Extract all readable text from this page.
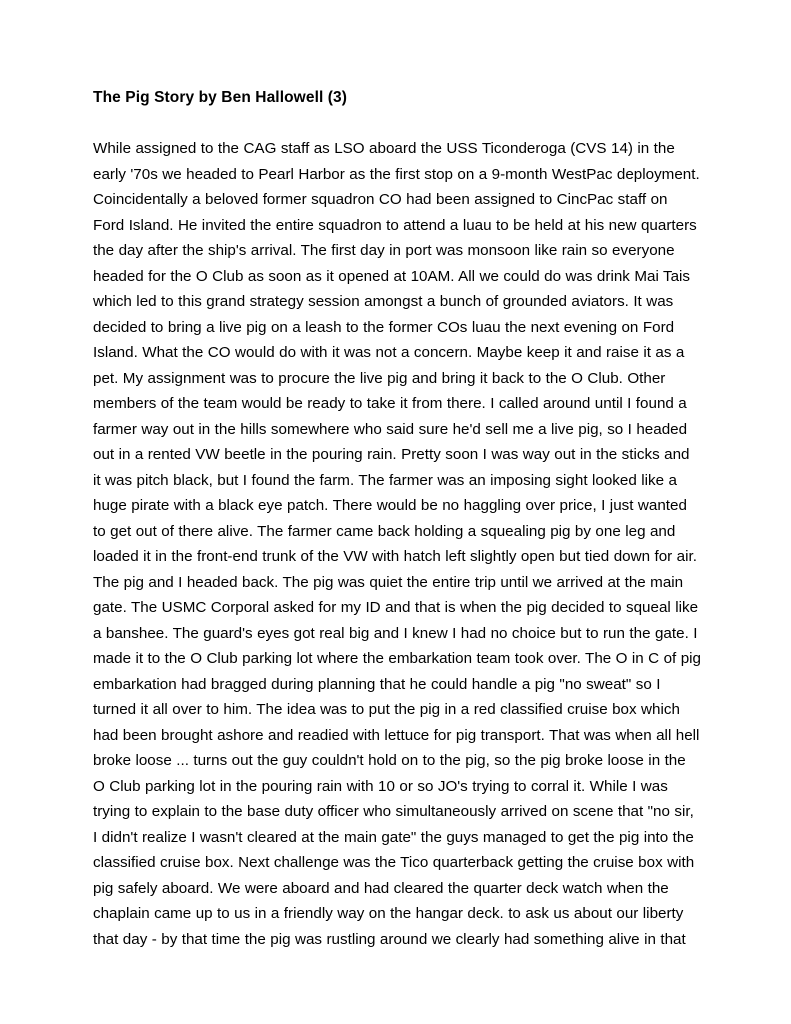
The Pig Story by Ben Hallowell (3)

While assigned to the CAG staff as LSO aboard the USS Ticonderoga (CVS 14) in the early '70s we headed to Pearl Harbor as the first stop on a 9-month WestPac deployment. Coincidentally a beloved former squadron CO had been assigned to CincPac staff on Ford Island. He invited the entire squadron to attend a luau to be held at his new quarters the day after the ship's arrival. The first day in port was monsoon like rain so everyone headed for the O Club as soon as it opened at 10AM. All we could do was drink Mai Tais which led to this grand strategy session amongst a bunch of grounded aviators. It was decided to bring a live pig on a leash to the former COs luau the next evening on Ford Island. What the CO would do with it was not a concern. Maybe keep it and raise it as a pet. My assignment was to procure the live pig and bring it back to the O Club. Other members of the team would be ready to take it from there. I called around until I found a farmer way out in the hills somewhere who said sure he'd sell me a live pig, so I headed out in a rented VW beetle in the pouring rain. Pretty soon I was way out in the sticks and it was pitch black, but I found the farm. The farmer was an imposing sight looked like a huge pirate with a black eye patch. There would be no haggling over price, I just wanted to get out of there alive. The farmer came back holding a squealing pig by one leg and loaded it in the front-end trunk of the VW with hatch left slightly open but tied down for air. The pig and I headed back. The pig was quiet the entire trip until we arrived at the main gate. The USMC Corporal asked for my ID and that is when the pig decided to squeal like a banshee. The guard's eyes got real big and I knew I had no choice but to run the gate. I made it to the O Club parking lot where the embarkation team took over. The O in C of pig embarkation had bragged during planning that he could handle a pig "no sweat" so I turned it all over to him. The idea was to put the pig in a red classified cruise box which had been brought ashore and readied with lettuce for pig transport. That was when all hell broke loose ... turns out the guy couldn't hold on to the pig, so the pig broke loose in the O Club parking lot in the pouring rain with 10 or so JO's trying to corral it. While I was trying to explain to the base duty officer who simultaneously arrived on scene that "no sir, I didn't realize I wasn't cleared at the main gate" the guys managed to get the pig into the classified cruise box. Next challenge was the Tico quarterback getting the cruise box with pig safely aboard. We were aboard and had cleared the quarter deck watch when the chaplain came up to us in a friendly way on the hangar deck. to ask us about our liberty that day - by that time the pig was rustling around we clearly had something alive in that
